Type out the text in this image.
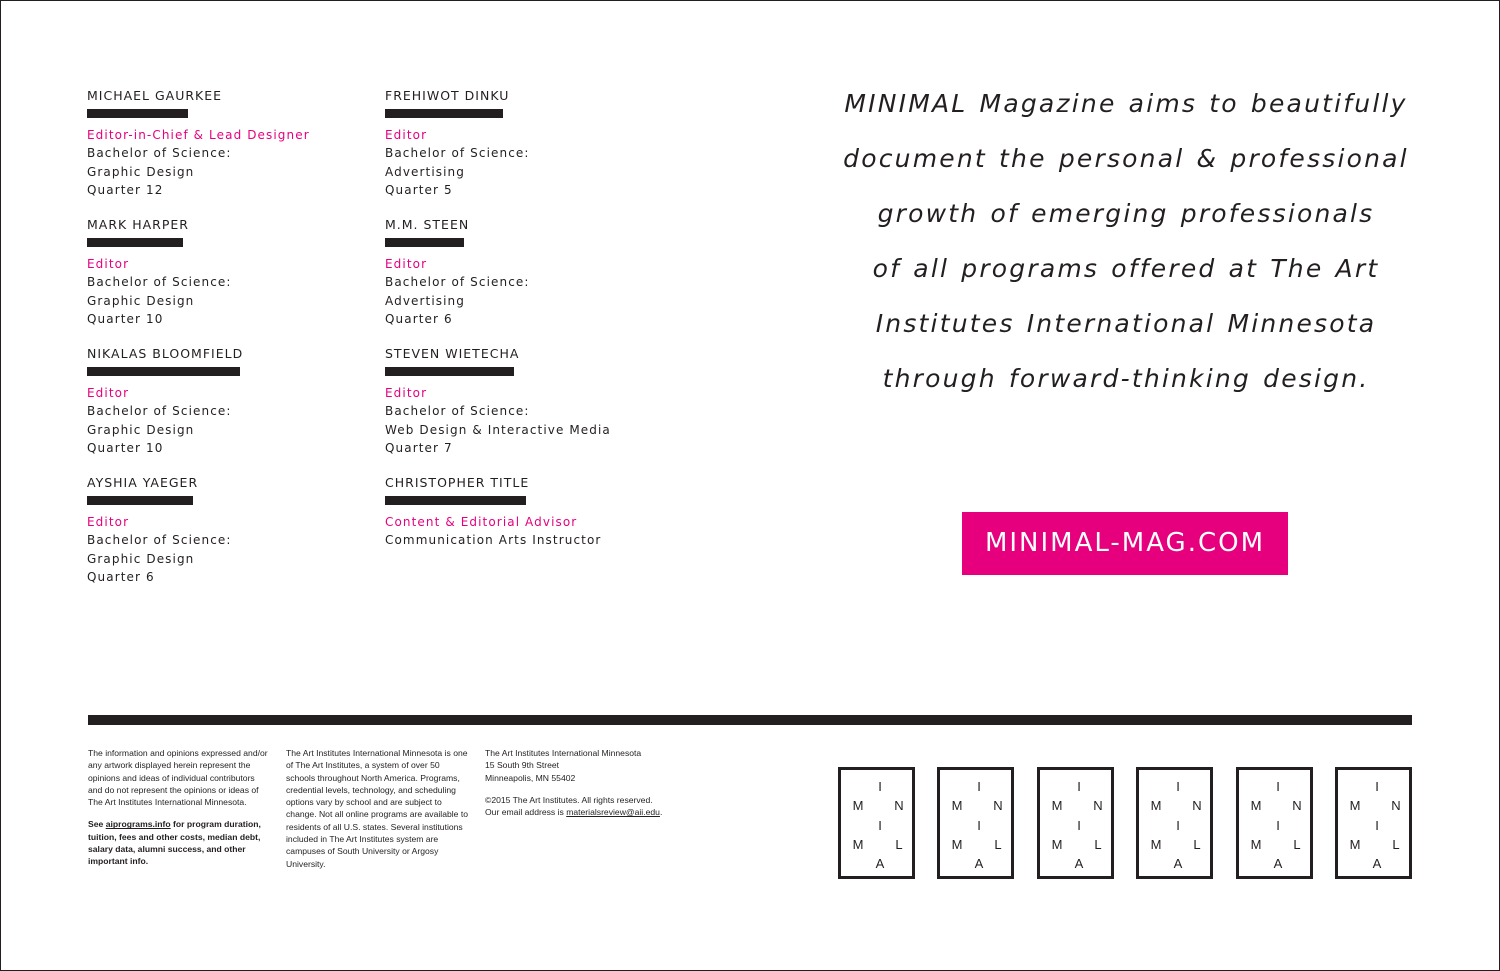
MICHAEL GAURKEE
Editor-in-Chief & Lead Designer
Bachelor of Science:
Graphic Design
Quarter 12
MARK HARPER
Editor
Bachelor of Science:
Graphic Design
Quarter 10
NIKALAS BLOOMFIELD
Editor
Bachelor of Science:
Graphic Design
Quarter 10
AYSHIA YAEGER
Editor
Bachelor of Science:
Graphic Design
Quarter 6
FREHIWOT DINKU
Editor
Bachelor of Science:
Advertising
Quarter 5
M.M. STEEN
Editor
Bachelor of Science:
Advertising
Quarter 6
STEVEN WIETECHA
Editor
Bachelor of Science:
Web Design & Interactive Media
Quarter 7
CHRISTOPHER TITLE
Content & Editorial Advisor
Communication Arts Instructor

MINIMAL Magazine aims to beautifully
document the personal & professional
growth of emerging professionals
of all programs offered at The Art
Institutes International Minnesota
through forward-thinking design.

MINIMAL-MAG.COM

The information and opinions expressed and/or any artwork displayed herein represent the opinions and ideas of individual contributors and do not represent the opinions or ideas of The Art Institutes International Minnesota.

See aiprograms.info for program duration, tuition, fees and other costs, median debt, salary data, alumni success, and other important info.

The Art Institutes International Minnesota is one of The Art Institutes, a system of over 50 schools throughout North America. Programs, credential levels, technology, and scheduling options vary by school and are subject to change. Not all online programs are available to residents of all U.S. states. Several institutions included in The Art Institutes system are campuses of South University or Argosy University.

The Art Institutes International Minnesota
15 South 9th Street
Minneapolis, MN 55402

©2015 The Art Institutes. All rights reserved. Our email address is materialsreview@aii.edu.

I
M N
I
M L
A
I
M N
I
M L
A
I
M N
I
M L
A
I
M N
I
M L
A
I
M N
I
M L
A
I
M N
I
M L
A
